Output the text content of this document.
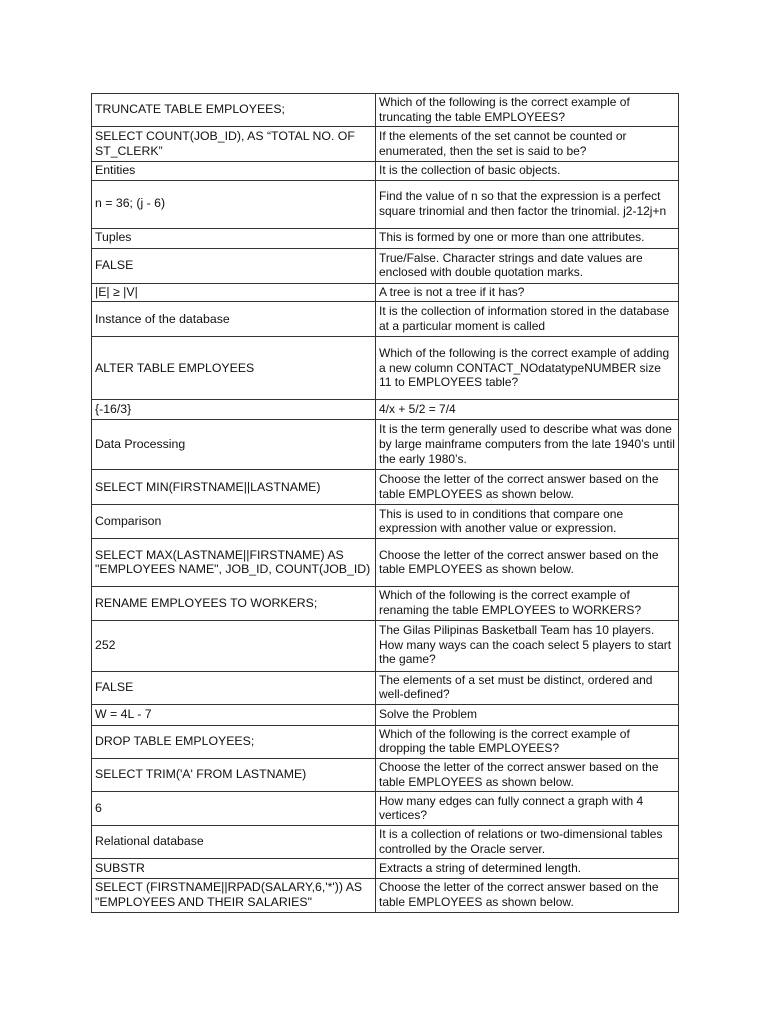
TRUNCATE TABLE EMPLOYEES;	Which of the following is the correct example of truncating the table EMPLOYEES?
SELECT COUNT(JOB_ID), AS “TOTAL NO. OF ST_CLERK”	If the elements of the set cannot be counted or enumerated, then the set is said to be?
Entities	It is the collection of basic objects.
n = 36; (j - 6)	Find the value of n so that the expression is a perfect square trinomial and then factor the trinomial. j2-12j+n
Tuples	This is formed by one or more than one attributes.
FALSE	True/False. Character strings and date values are enclosed with double quotation marks.
|E| ≥ |V|	A tree is not a tree if it has?
Instance of the database	It is the collection of information stored in the database at a particular moment is called
ALTER TABLE EMPLOYEES	Which of the following is the correct example of adding a new column CONTACT_NOdatatypeNUMBER size 11 to EMPLOYEES table?
{-16/3}	4/x + 5/2 = 7/4
Data Processing	It is the term generally used to describe what was done by large mainframe computers from the late 1940’s until the early 1980’s.
SELECT MIN(FIRSTNAME||LASTNAME)	Choose the letter of the correct answer based on the table EMPLOYEES as shown below.
Comparison	This is used to in conditions that compare one expression with another value or expression.
SELECT MAX(LASTNAME||FIRSTNAME) AS "EMPLOYEES NAME", JOB_ID, COUNT(JOB_ID)	Choose the letter of the correct answer based on the table EMPLOYEES as shown below.
RENAME EMPLOYEES TO WORKERS;	Which of the following is the correct example of renaming the table EMPLOYEES to WORKERS?
252	The Gilas Pilipinas Basketball Team has 10 players. How many ways can the coach select 5 players to start the game?
FALSE	The elements of a set must be distinct, ordered and well-defined?
W = 4L - 7	Solve the Problem
DROP TABLE EMPLOYEES;	Which of the following is the correct example of dropping the table EMPLOYEES?
SELECT TRIM('A' FROM LASTNAME)	Choose the letter of the correct answer based on the table EMPLOYEES as shown below.
6	How many edges can fully connect a graph with 4 vertices?
Relational database	It is a collection of relations or two-dimensional tables controlled by the Oracle server.
SUBSTR	Extracts a string of determined length.
SELECT (FIRSTNAME||RPAD(SALARY,6,'*')) AS "EMPLOYEES AND THEIR SALARIES"	Choose the letter of the correct answer based on the table EMPLOYEES as shown below.
